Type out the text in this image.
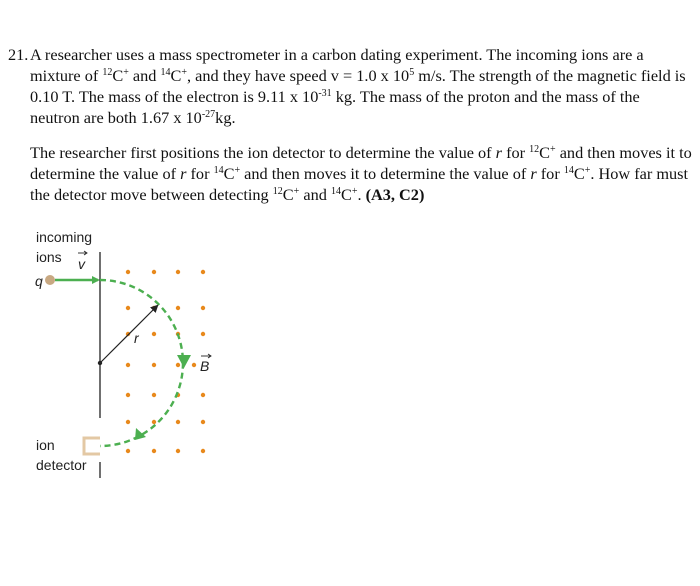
21. A researcher uses a mass spectrometer in a carbon dating experiment. The incoming ions are a mixture of $^{12}$C+ and $^{14}$C+, and they have speed v = 1.0 x $10^5$ m/s. The strength of the magnetic field is 0.10 T. The mass of the electron is 9.11 x $10^{-31}$ kg. The mass of the proton and the mass of the neutron are both 1.67 x $10^{-27}kg$.
The researcher first positions the ion detector to determine the value of r for $^{12}$C+ and then moves it to determine the value of r for $^{14}$C+ and then moves it to determine the value of r for $^{14}$C+. How far must the detector move between detecting $^{12}$C+ and $^{14}$C+. (A3, C2)
incoming
ions v
q
B
r
ion
detector
